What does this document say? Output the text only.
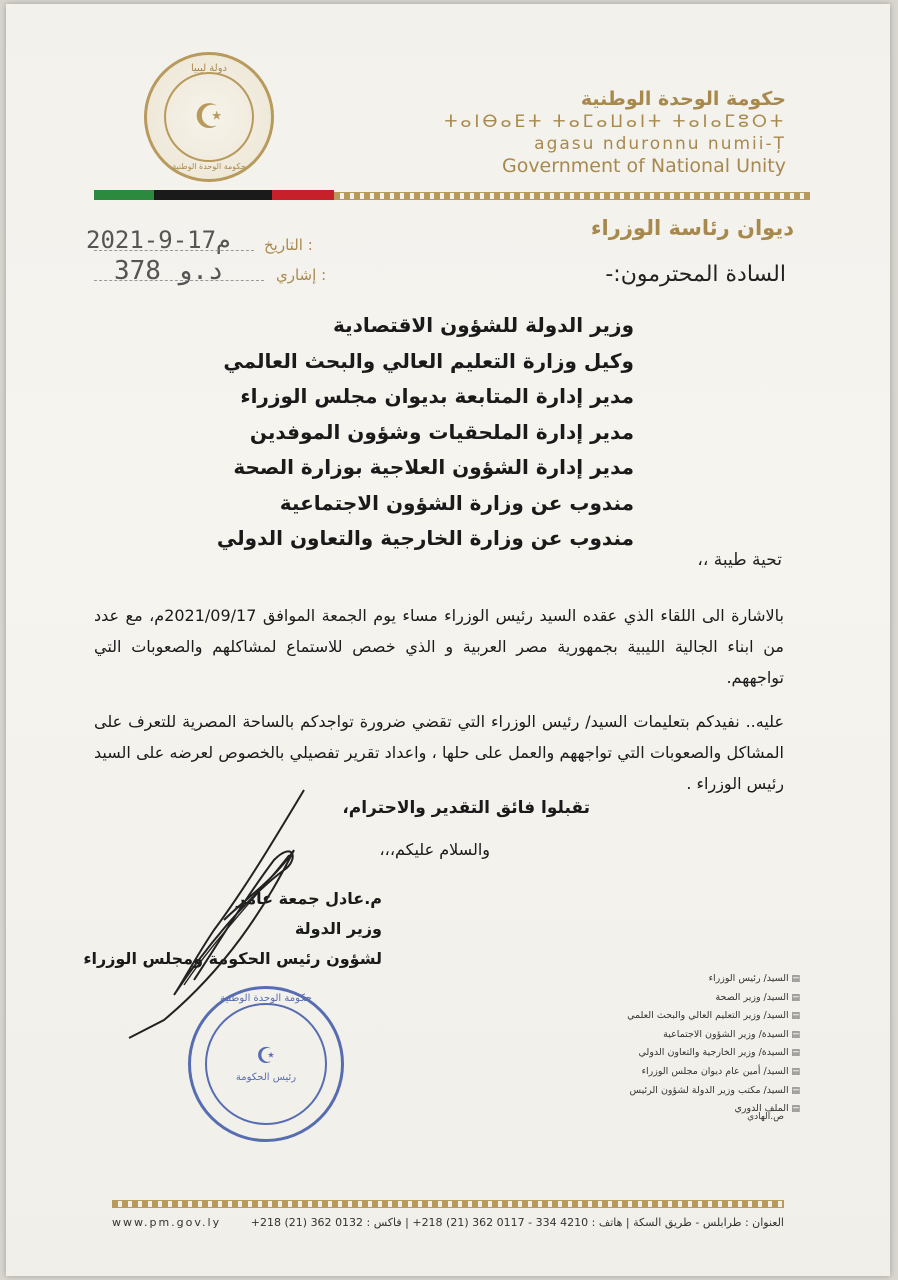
☪
دولة ليبيا
حكومة الوحدة الوطنية
حكومة الوحدة الوطنية
ⵜⴰⵏⴱⴰⴹⵜ ⵜⴰⵎⴰⵡⴰⵏⵜ ⵜⴰⵏⴰⵎⵓⵔⵜ
agasu nduronnu numii-Ț
Government of National Unity
ديوان رئاسة الوزراء
2021-9-17م التاريخ :
378 د.و	إشاري :	السادة المحترمون:-
وزير الدولة للشؤون الاقتصادية
وكيل وزارة التعليم العالي والبحث العالمي
مدير إدارة المتابعة بديوان مجلس الوزراء
مدير إدارة الملحقيات وشؤون الموفدين
مدير إدارة الشؤون العلاجية بوزارة الصحة
مندوب عن وزارة الشؤون الاجتماعية
مندوب عن وزارة الخارجية والتعاون الدولي
تحية طيبة ،،
بالاشارة الى اللقاء الذي عقده السيد رئيس الوزراء مساء يوم الجمعة الموافق 2021/09/17م، مع عدد من ابناء الجالية الليبية بجمهورية مصر العربية و الذي خصص للاستماع لمشاكلهم والصعوبات التي تواجههم.
عليه.. نفيدكم بتعليمات السيد/ رئيس الوزراء التي تقضي ضرورة تواجدكم بالساحة المصرية للتعرف على المشاكل والصعوبات التي تواجههم والعمل على حلها ، واعداد تقرير تفصيلي بالخصوص لعرضه على السيد رئيس الوزراء .
تقبلوا فائق التقدير والاحترام،
والسلام عليكم،،،
م.عادل جمعة عامر
وزير الدولة
لشؤون رئيس الحكومة ومجلس الوزراء
☪
رئيس الحكومة
حكومة الوحدة الوطنية
▤ السيد/ رئيس الوزراء
▤ السيد/ وزير الصحة
▤ السيد/ وزير التعليم العالي والبحث العلمي
▤ السيدة/ وزير الشؤون الاجتماعية
▤ السيدة/ وزير الخارجية والتعاون الدولي
▤ السيد/ أمين عام ديوان مجلس الوزراء
▤ السيد/ مكتب وزير الدولة لشؤون الرئيس
▤ الملف الدوري
ص.الهادي
www.pm.gov.ly	العنوان : طرابلس - طريق السكة | هاتف : 4210 334 - 0117 362 (21) 218+ | فاكس : 0132 362 (21) 218+
